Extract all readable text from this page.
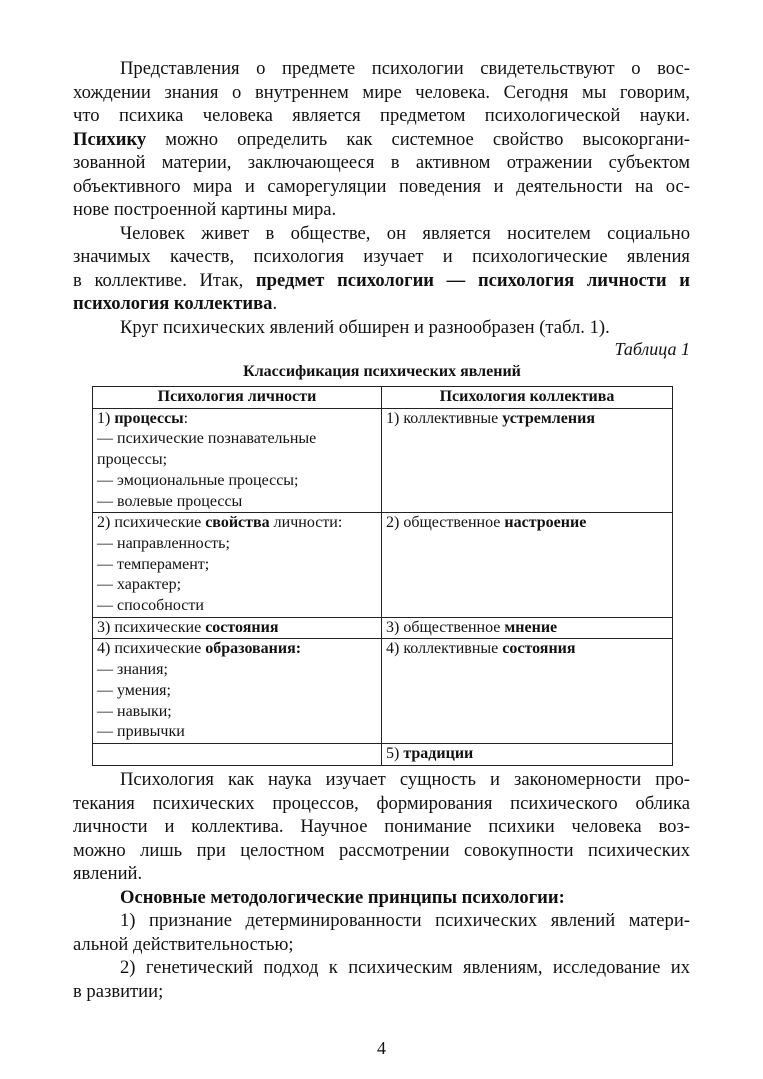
Представления о предмете психологии свидетельствуют о вос-
хождении знания о внутреннем мире человека. Сегодня мы говорим,
что психика человека является предметом психологической науки.
Психику можно определить как системное свойство высокоргани-
зованной материи, заключающееся в активном отражении субъектом
объективного мира и саморегуляции поведения и деятельности на ос-
нове построенной картины мира.
Человек живет в обществе, он является носителем социально
значимых качеств, психология изучает и психологические явления
в коллективе. Итак, предмет психологии — психология личности и
психология коллектива.
Круг психических явлений обширен и разнообразен (табл. 1).
Таблица 1
Классификация психических явлений
Психология личности	Психология коллектива

1) процессы:
— психические познавательные
процессы;
— эмоциональные процессы;
— волевые процессы	1) коллективные устремления

2) психические свойства личности:
— направленность;
— темперамент;
— характер;
— способности	2) общественное настроение

3) психические состояния	3) общественное мнение

4) психические образования:
— знания;
— умения;
— навыки;
— привычки	4) коллективные состояния

	5) традиции
Психология как наука изучает сущность и закономерности про-
текания психических процессов, формирования психического облика
личности и коллектива. Научное понимание психики человека воз-
можно лишь при целостном рассмотрении совокупности психических
явлений.
Основные методологические принципы психологии:
1) признание детерминированности психических явлений матери-
альной действительностью;
2) генетический подход к психическим явлениям, исследование их
в развитии;
4
